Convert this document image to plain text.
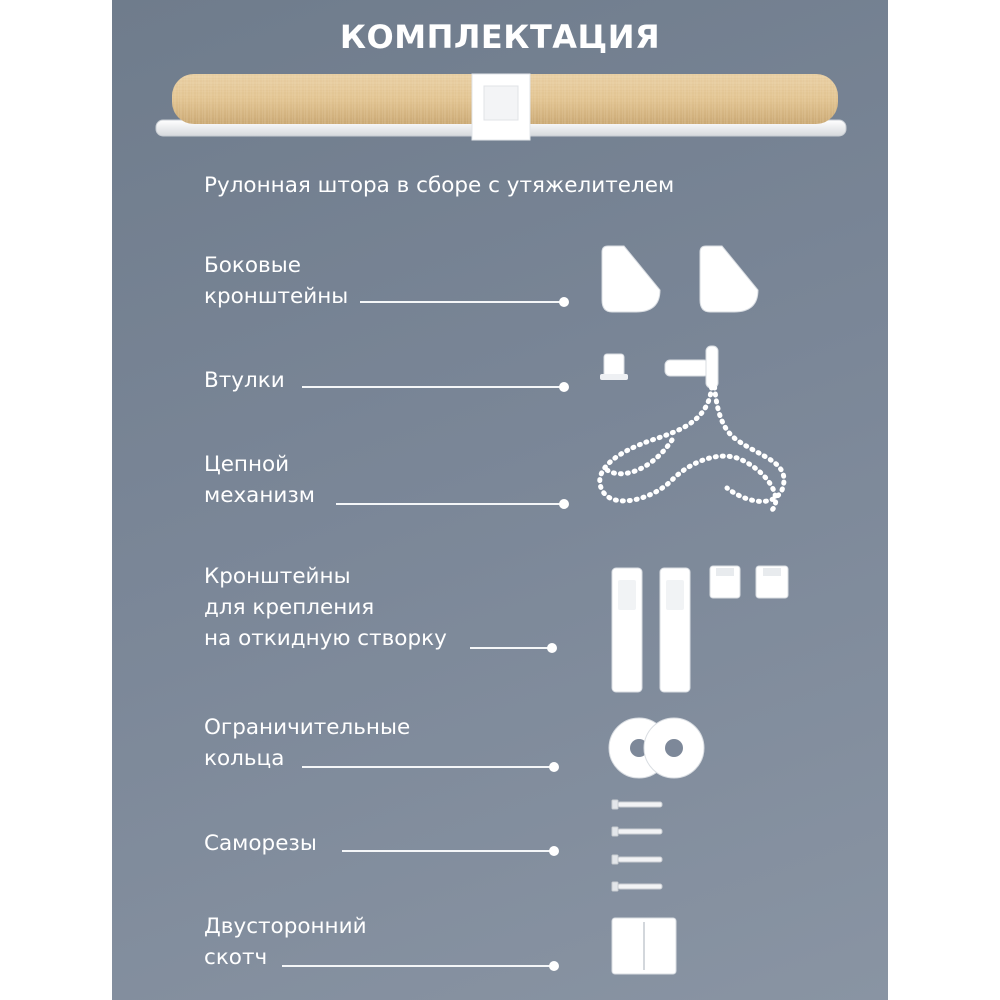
КОМПЛЕКТАЦИЯ
Рулонная штора в сборе с утяжелителем
Боковые
кронштейны
Втулки
Цепной
механизм
Кронштейны
для крепления
на откидную створку
Ограничительные
кольца
Саморезы
Двусторонний
скотч
